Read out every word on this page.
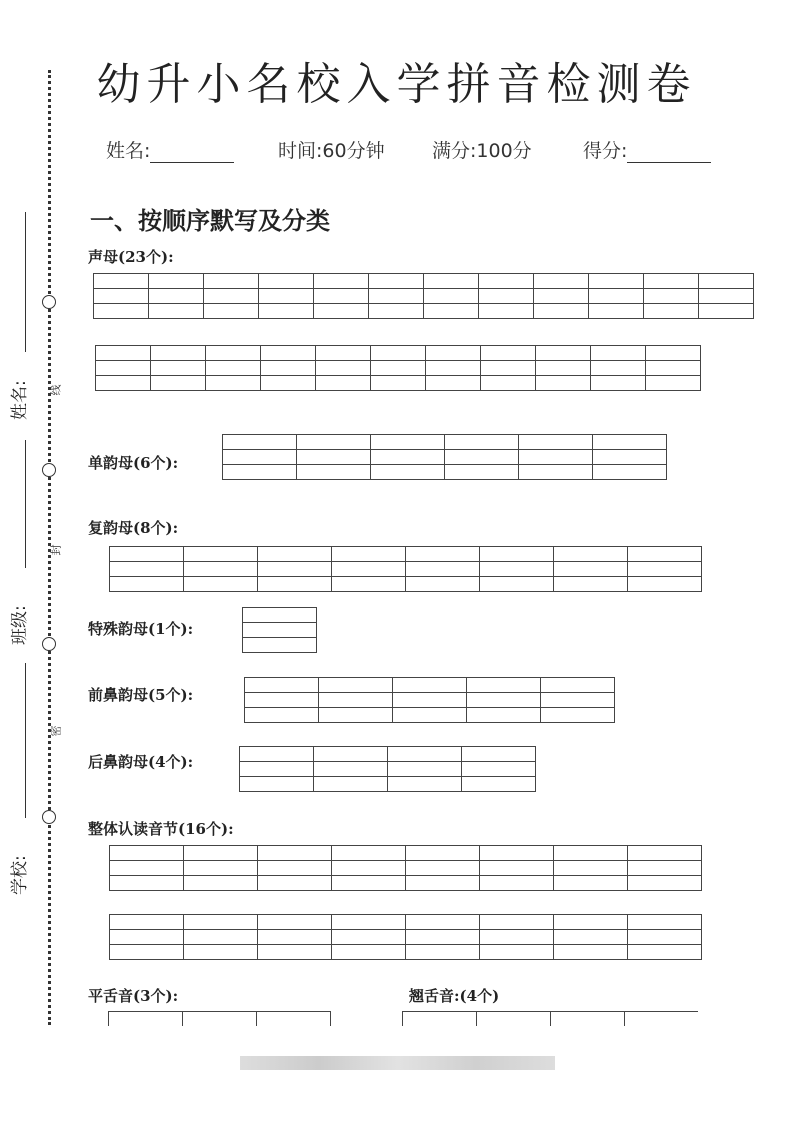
姓名:
班级:
学校:
线
封
密
幼升小名校入学拼音检测卷
姓名:	时间:60分钟 满分:100分	得分:
一、按顺序默写及分类
声母(23个):
单韵母(6个):
复韵母(8个):
特殊韵母(1个):
前鼻韵母(5个):
后鼻韵母(4个):
整体认读音节(16个):
平舌音(3个):	翘舌音:(4个)
